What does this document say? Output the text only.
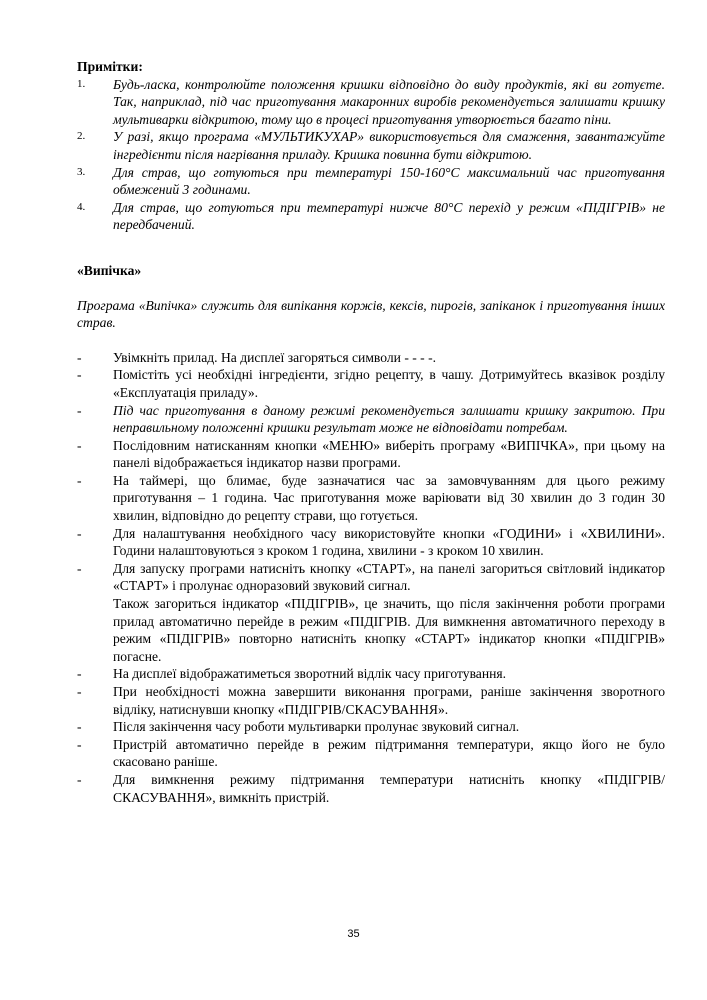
Примітки:
1. Будь-ласка, контролюйте положення кришки відповідно до виду продуктів, які ви готуєте. Так, наприклад, під час приготування макаронних виробів рекомендується залишати кришку мультиварки відкритою, тому що в процесі приготування утворюється багато піни.
2. У разі, якщо програма «МУЛЬТИКУХАР» використовується для смаження, завантажуйте інгредієнти після нагрівання приладу. Кришка повинна бути відкритою.
3. Для страв, що готуються при температурі 150-160°С максимальний час приготування обмежений 3 годинами.
4. Для страв, що готуються при температурі нижче 80°С перехід у режим «ПІДІГРІВ» не передбачений.
«Випічка»

Програма «Випічка» служить для випікання коржів, кексів, пирогів, запіканок і приготування інших страв.

- Увімкніть прилад. На дисплеї загоряться символи - - - -.
- Помістіть усі необхідні інгредієнти, згідно рецепту, в чашу. Дотримуйтесь вказівок розділу «Експлуатація приладу».
- Під час приготування в даному режимі рекомендується залишати кришку закритою. При неправильному положенні кришки результат може не відповідати потребам.
- Послідовним натисканням кнопки «МЕНЮ» виберіть програму «ВИПІЧКА», при цьому на панелі відображається індикатор назви програми.
- На таймері, що блимає, буде зазначатися час за замовчуванням для цього режиму приготування – 1 година. Час приготування може варіювати від 30 хвилин до 3 годин 30 хвилин, відповідно до рецепту страви, що готується.
- Для налаштування необхідного часу використовуйте кнопки «ГОДИНИ» і «ХВИЛИНИ». Години налаштовуються з кроком 1 година, хвилини - з кроком 10 хвилин.
- Для запуску програми натисніть кнопку «СТАРТ», на панелі загориться світловий індикатор «СТАРТ» і пролунає одноразовий звуковий сигнал.
Також загориться індикатор «ПІДІГРІВ», це значить, що після закінчення роботи програми прилад автоматично перейде в режим «ПІДІГРІВ. Для вимкнення автоматичного переходу в режим «ПІДІГРІВ» повторно натисніть кнопку «СТАРТ» індикатор кнопки «ПІДІГРІВ» погасне.
- На дисплеї відображатиметься зворотний відлік часу приготування.
- При необхідності можна завершити виконання програми, раніше закінчення зворотного відліку, натиснувши кнопку «ПІДІГРІВ/СКАСУВАННЯ».
- Після закінчення часу роботи мультиварки пролунає звуковий сигнал.
- Пристрій автоматично перейде в режим підтримання температури, якщо його не було скасовано раніше.
- Для вимкнення режиму підтримання температури натисніть кнопку «ПІДІГРІВ/СКАСУВАННЯ», вимкніть пристрій.
35
